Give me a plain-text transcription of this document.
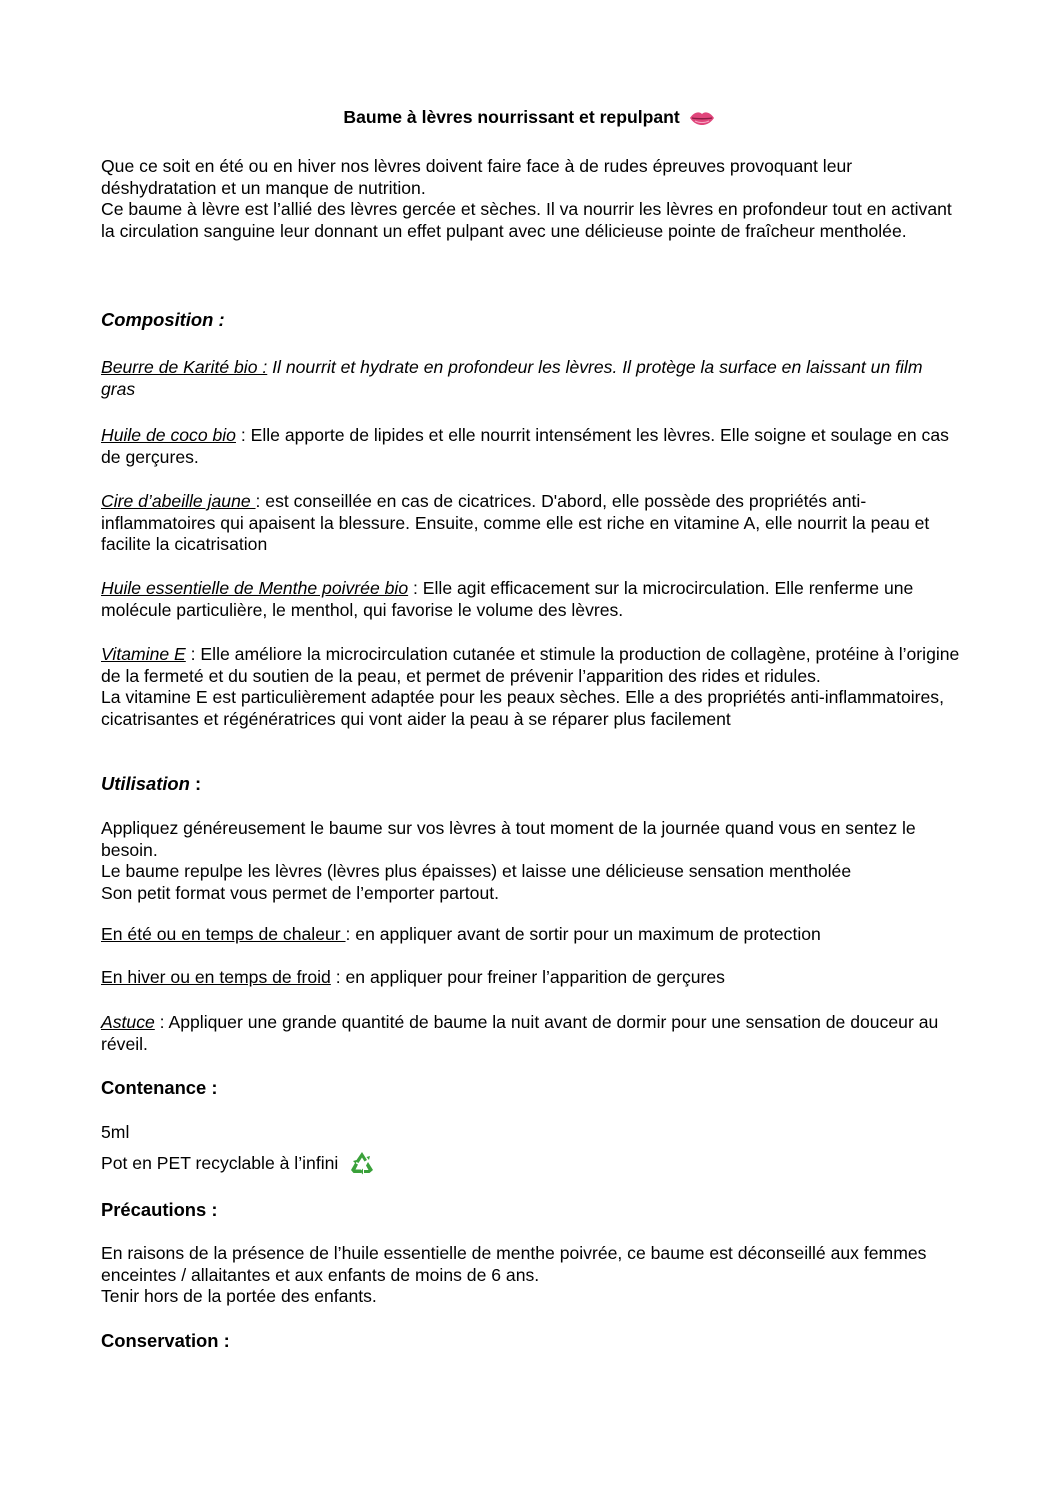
Baume à lèvres nourrissant et repulpant
Que ce soit en été ou en hiver nos lèvres doivent faire face à de rudes épreuves provoquant leur déshydratation et un manque de nutrition.
Ce baume à lèvre est l’allié des lèvres gercée et sèches. Il va nourrir les lèvres en profondeur tout en activant la circulation sanguine leur donnant un effet pulpant avec une délicieuse pointe de fraîcheur mentholée.
Composition :
Beurre de Karité bio : Il nourrit et hydrate en profondeur les lèvres. Il protège la surface en laissant un film gras
Huile de coco bio : Elle apporte de lipides et elle nourrit intensément les lèvres. Elle soigne et soulage en cas de gerçures.
Cire d’abeille jaune : est conseillée en cas de cicatrices. D'abord, elle possède des propriétés anti-inflammatoires qui apaisent la blessure. Ensuite, comme elle est riche en vitamine A, elle nourrit la peau et facilite la cicatrisation
Huile essentielle de Menthe poivrée bio : Elle agit efficacement sur la microcirculation. Elle renferme une molécule particulière, le menthol, qui favorise le volume des lèvres.
Vitamine E : Elle améliore la microcirculation cutanée et stimule la production de collagène, protéine à l’origine de la fermeté et du soutien de la peau, et permet de prévenir l’apparition des rides et ridules.
La vitamine E est particulièrement adaptée pour les peaux sèches. Elle a des propriétés anti-inflammatoires, cicatrisantes et régénératrices qui vont aider la peau à se réparer plus facilement
Utilisation :
Appliquez généreusement le baume sur vos lèvres à tout moment de la journée quand vous en sentez le besoin.
Le baume repulpe les lèvres (lèvres plus épaisses) et laisse une délicieuse sensation mentholée
Son petit format vous permet de l’emporter partout.
En été ou en temps de chaleur : en appliquer avant de sortir pour un maximum de protection
En hiver ou en temps de froid : en appliquer pour freiner l’apparition de gerçures
Astuce : Appliquer une grande quantité de baume la nuit avant de dormir pour une sensation de douceur au réveil.
Contenance :
5ml
Pot en PET recyclable à l’infini
Précautions :
En raisons de la présence de l’huile essentielle de menthe poivrée, ce baume est déconseillé aux femmes enceintes / allaitantes et aux enfants de moins de 6 ans.
Tenir hors de la portée des enfants.
Conservation :
